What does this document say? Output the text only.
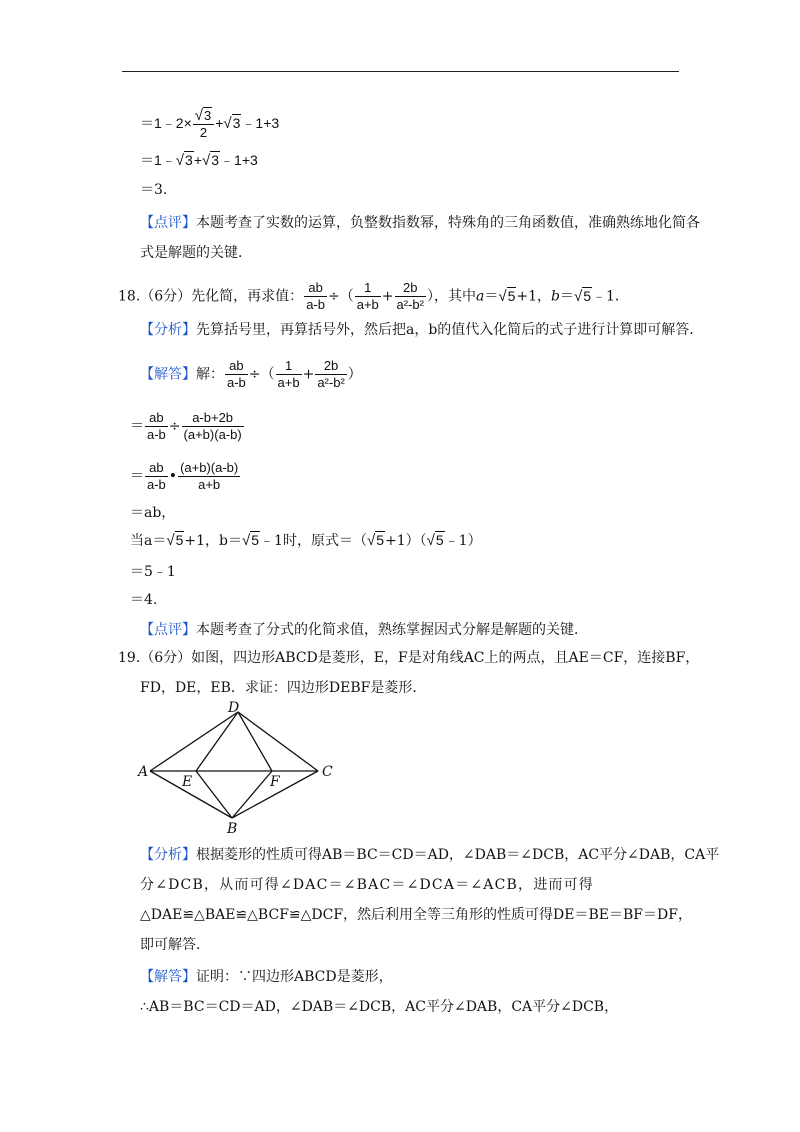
＝1﹣2× $\frac{√3}{2}$ +√3﹣1+3
＝1﹣√3+√3﹣1+3
＝3.
【点评】本题考查了实数的运算，负整数指数幂，特殊角的三角函数值，准确熟练地化简各
式是解题的关键．
18.（6分）先化简，再求值： $\frac{ab}{a-b}$ ÷（ $\frac{1}{a+b} + \frac{2b}{\text{a²-b²}}$ ），其中a＝√5+1，b＝√5﹣1．
【分析】先算括号里，再算括号外，然后把a，b的值代入化简后的式子进行计算即可解答．
【解答】解： $\frac{ab}{a-b}$ ÷（ $\frac{1}{a+b} + \frac{2b}{\text{a²-b²}}$ ）
＝ $\frac{ab}{a-b} \div \frac{a-b+2b}{(a+b)(a-b)}$
＝ $\frac{ab}{a-b}$ • $\frac{(a+b)(a-b)}{a+b}$
＝ab，
当a＝√5+1，b＝√5﹣1时，原式＝（√5+1）（√5﹣1）
＝5﹣1
＝4.
【点评】本题考查了分式的化简求值，熟练掌握因式分解是解题的关键．
19.（6分）如图，四边形ABCD是菱形，E，F是对角线AC上的两点，且AE＝CF，连接BF，
FD，DE，EB．求证：四边形DEBF是菱形．
D
A	C
E	F
B
【分析】根据菱形的性质可得AB＝BC＝CD＝AD，∠DAB＝∠DCB，AC平分∠DAB，CA平
分∠DCB，从而可得∠DAC＝∠BAC＝∠DCA＝∠ACB，进而可得
△DAE≌△BAE≌△BCF≌△DCF，然后利用全等三角形的性质可得DE＝BE＝BF＝DF，
即可解答．
【解答】证明：∵四边形ABCD是菱形，
∴AB＝BC＝CD＝AD，∠DAB＝∠DCB，AC平分∠DAB，CA平分∠DCB，
